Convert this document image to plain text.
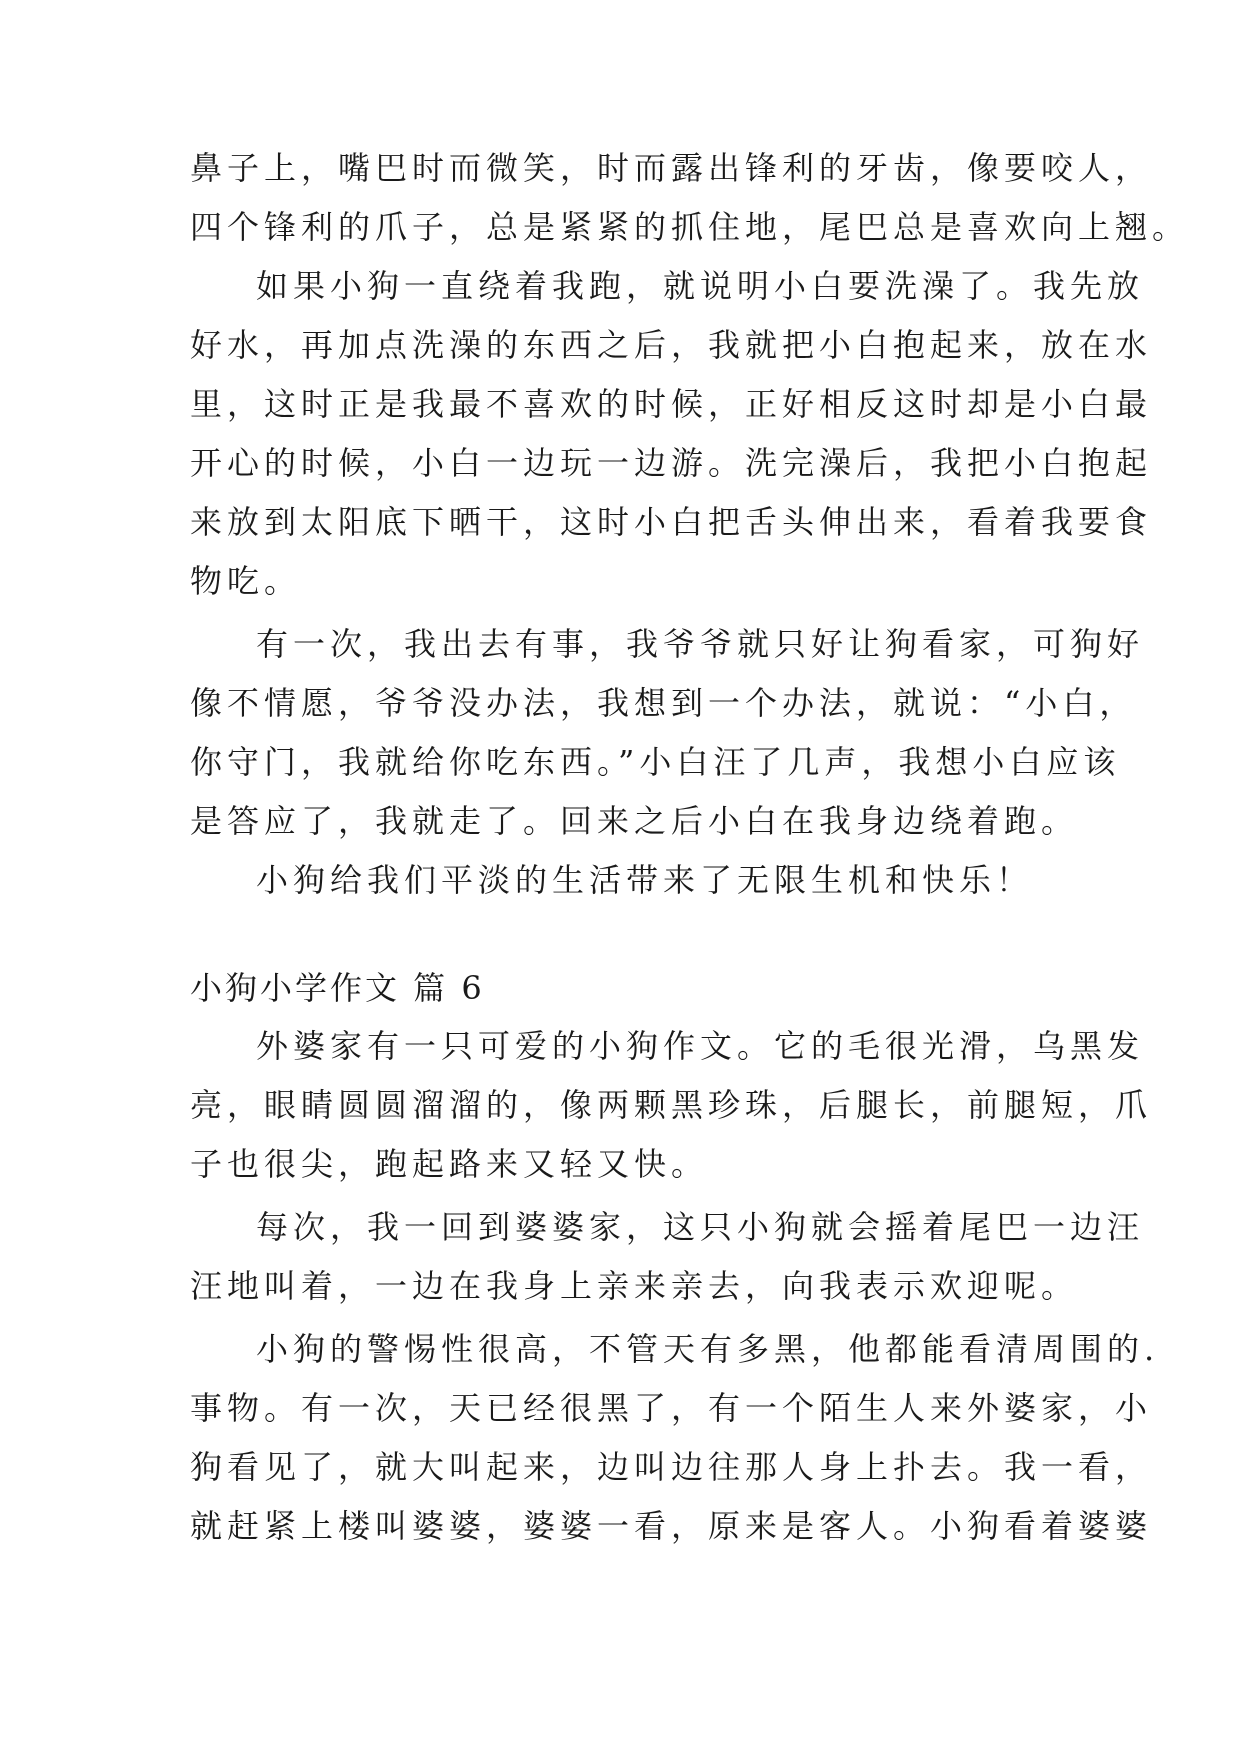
鼻子上，嘴巴时而微笑，时而露出锋利的牙齿，像要咬人，
四个锋利的爪子，总是紧紧的抓住地，尾巴总是喜欢向上翘。
如果小狗一直绕着我跑，就说明小白要洗澡了。我先放
好水，再加点洗澡的东西之后，我就把小白抱起来，放在水
里，这时正是我最不喜欢的时候，正好相反这时却是小白最
开心的时候，小白一边玩一边游。洗完澡后，我把小白抱起
来放到太阳底下晒干，这时小白把舌头伸出来，看着我要食
物吃。
有一次，我出去有事，我爷爷就只好让狗看家，可狗好
像不情愿，爷爷没办法，我想到一个办法，就说：“小白，
你守门，我就给你吃东西。”小白汪了几声，我想小白应该
是答应了，我就走了。回来之后小白在我身边绕着跑。
小狗给我们平淡的生活带来了无限生机和快乐！
小狗小学作文 篇 6
外婆家有一只可爱的小狗作文。它的毛很光滑，乌黑发
亮，眼睛圆圆溜溜的，像两颗黑珍珠，后腿长，前腿短，爪
子也很尖，跑起路来又轻又快。
每次，我一回到婆婆家，这只小狗就会摇着尾巴一边汪
汪地叫着，一边在我身上亲来亲去，向我表示欢迎呢。
小狗的警惕性很高，不管天有多黑，他都能看清周围的.
事物。有一次，天已经很黑了，有一个陌生人来外婆家，小
狗看见了，就大叫起来，边叫边往那人身上扑去。我一看，
就赶紧上楼叫婆婆，婆婆一看，原来是客人。小狗看着婆婆
